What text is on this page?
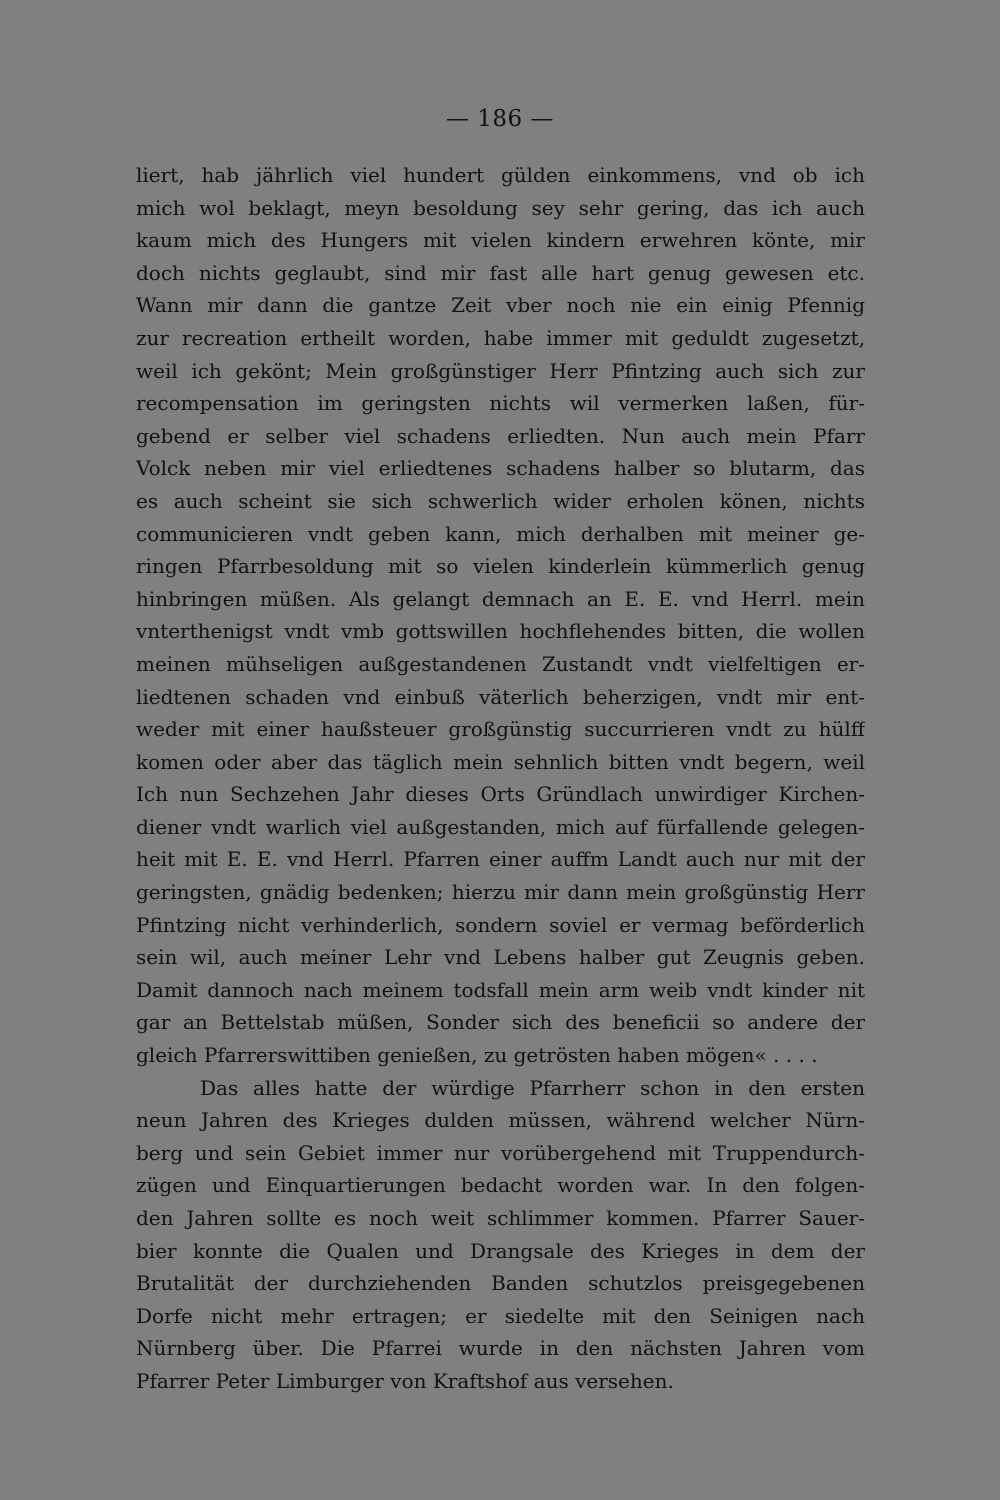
— 186 —
liert, hab jährlich viel hundert gülden einkommens, vnd ob ich
mich wol beklagt, meyn besoldung sey sehr gering, das ich auch
kaum mich des Hungers mit vielen kindern erwehren könte, mir
doch nichts geglaubt, sind mir fast alle hart genug gewesen etc.
Wann mir dann die gantze Zeit vber noch nie ein einig Pfennig
zur recreation ertheilt worden, habe immer mit geduldt zugesetzt,
weil ich gekönt; Mein großgünstiger Herr Pfintzing auch sich zur
recompensation im geringsten nichts wil vermerken laßen, für-
gebend er selber viel schadens erliedten. Nun auch mein Pfarr
Volck neben mir viel erliedtenes schadens halber so blutarm, das
es auch scheint sie sich schwerlich wider erholen könen, nichts
communicieren vndt geben kann, mich derhalben mit meiner ge-
ringen Pfarrbesoldung mit so vielen kinderlein kümmerlich genug
hinbringen müßen. Als gelangt demnach an E. E. vnd Herrl. mein
vnterthenigst vndt vmb gottswillen hochflehendes bitten, die wollen
meinen mühseligen außgestandenen Zustandt vndt vielfeltigen er-
liedtenen schaden vnd einbuß väterlich beherzigen, vndt mir ent-
weder mit einer haußsteuer großgünstig succurrieren vndt zu hülff
komen oder aber das täglich mein sehnlich bitten vndt begern, weil
Ich nun Sechzehen Jahr dieses Orts Gründlach unwirdiger Kirchen-
diener vndt warlich viel außgestanden, mich auf fürfallende gelegen-
heit mit E. E. vnd Herrl. Pfarren einer auffm Landt auch nur mit der
geringsten, gnädig bedenken; hierzu mir dann mein großgünstig Herr
Pfintzing nicht verhinderlich, sondern soviel er vermag beförderlich
sein wil, auch meiner Lehr vnd Lebens halber gut Zeugnis geben.
Damit dannoch nach meinem todsfall mein arm weib vndt kinder nit
gar an Bettelstab müßen, Sonder sich des beneficii so andere der
gleich Pfarrerswittiben genießen, zu getrösten haben mögen« . . . .
Das alles hatte der würdige Pfarrherr schon in den ersten
neun Jahren des Krieges dulden müssen, während welcher Nürn-
berg und sein Gebiet immer nur vorübergehend mit Truppendurch-
zügen und Einquartierungen bedacht worden war. In den folgen-
den Jahren sollte es noch weit schlimmer kommen. Pfarrer Sauer-
bier konnte die Qualen und Drangsale des Krieges in dem der
Brutalität der durchziehenden Banden schutzlos preisgegebenen
Dorfe nicht mehr ertragen; er siedelte mit den Seinigen nach
Nürnberg über. Die Pfarrei wurde in den nächsten Jahren vom
Pfarrer Peter Limburger von Kraftshof aus versehen.
